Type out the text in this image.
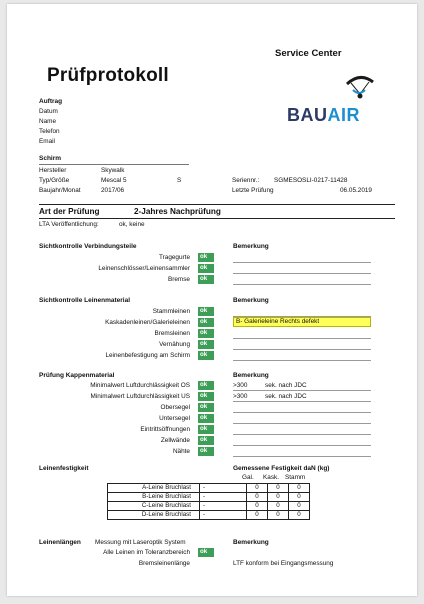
Service Center
Prüfprotokoll
BAUAIR
Auftrag
Datum
Name
Telefon
Email
Schirm
Hersteller	Skywalk
Typ/Größe	Mescal 5	S
Baujahr/Monat	2017/06
Seriennr.: SGMESOSLI-0217-11428
Letzte Prüfung	06.05.2019
Art der Prüfung	2-Jahres Nachprüfung
LTA Veröffentlichung:	ok, keine
Sichtkontrolle Verbindungsteile	Bemerkung
Tragegurte	ok
Leinenschlösser/Leinensammler	ok
Bremse	ok
Sichtkontrolle Leinenmaterial	Bemerkung
Stammleinen	ok
Kaskadenleinen/Galerieleinen	ok	B- Galerieleine Rechts defekt
Bremsleinen	ok
Vernähung	ok
Leinenbefestigung am Schirm	ok
Prüfung Kappenmaterial	Bemerkung
Minimalwert Luftdurchlässigkeit OS	ok	>300	sek. nach JDC
Minimalwert Luftdurchlässigkeit US	ok	>300	sek. nach JDC
Obersegel	ok
Untersegel	ok
Eintrittsöffnungen	ok
Zellwände	ok
Nähte	ok
Leinenfestigkeit	Gemessene Festigkeit daN (kg)
Gal. Kask. Stamm
A-Leine Bruchlast	-	0	0	0
B-Leine Bruchlast	-	0	0	0
C-Leine Bruchlast	-	0	0	0
D-Leine Bruchlast	-	0	0	0
Leinenlängen Messung mit Laseroptik System	Bemerkung
Alle Leinen im Toleranzbereich	ok
Bremsleinenlänge	LTF konform bei Eingangsmessung
